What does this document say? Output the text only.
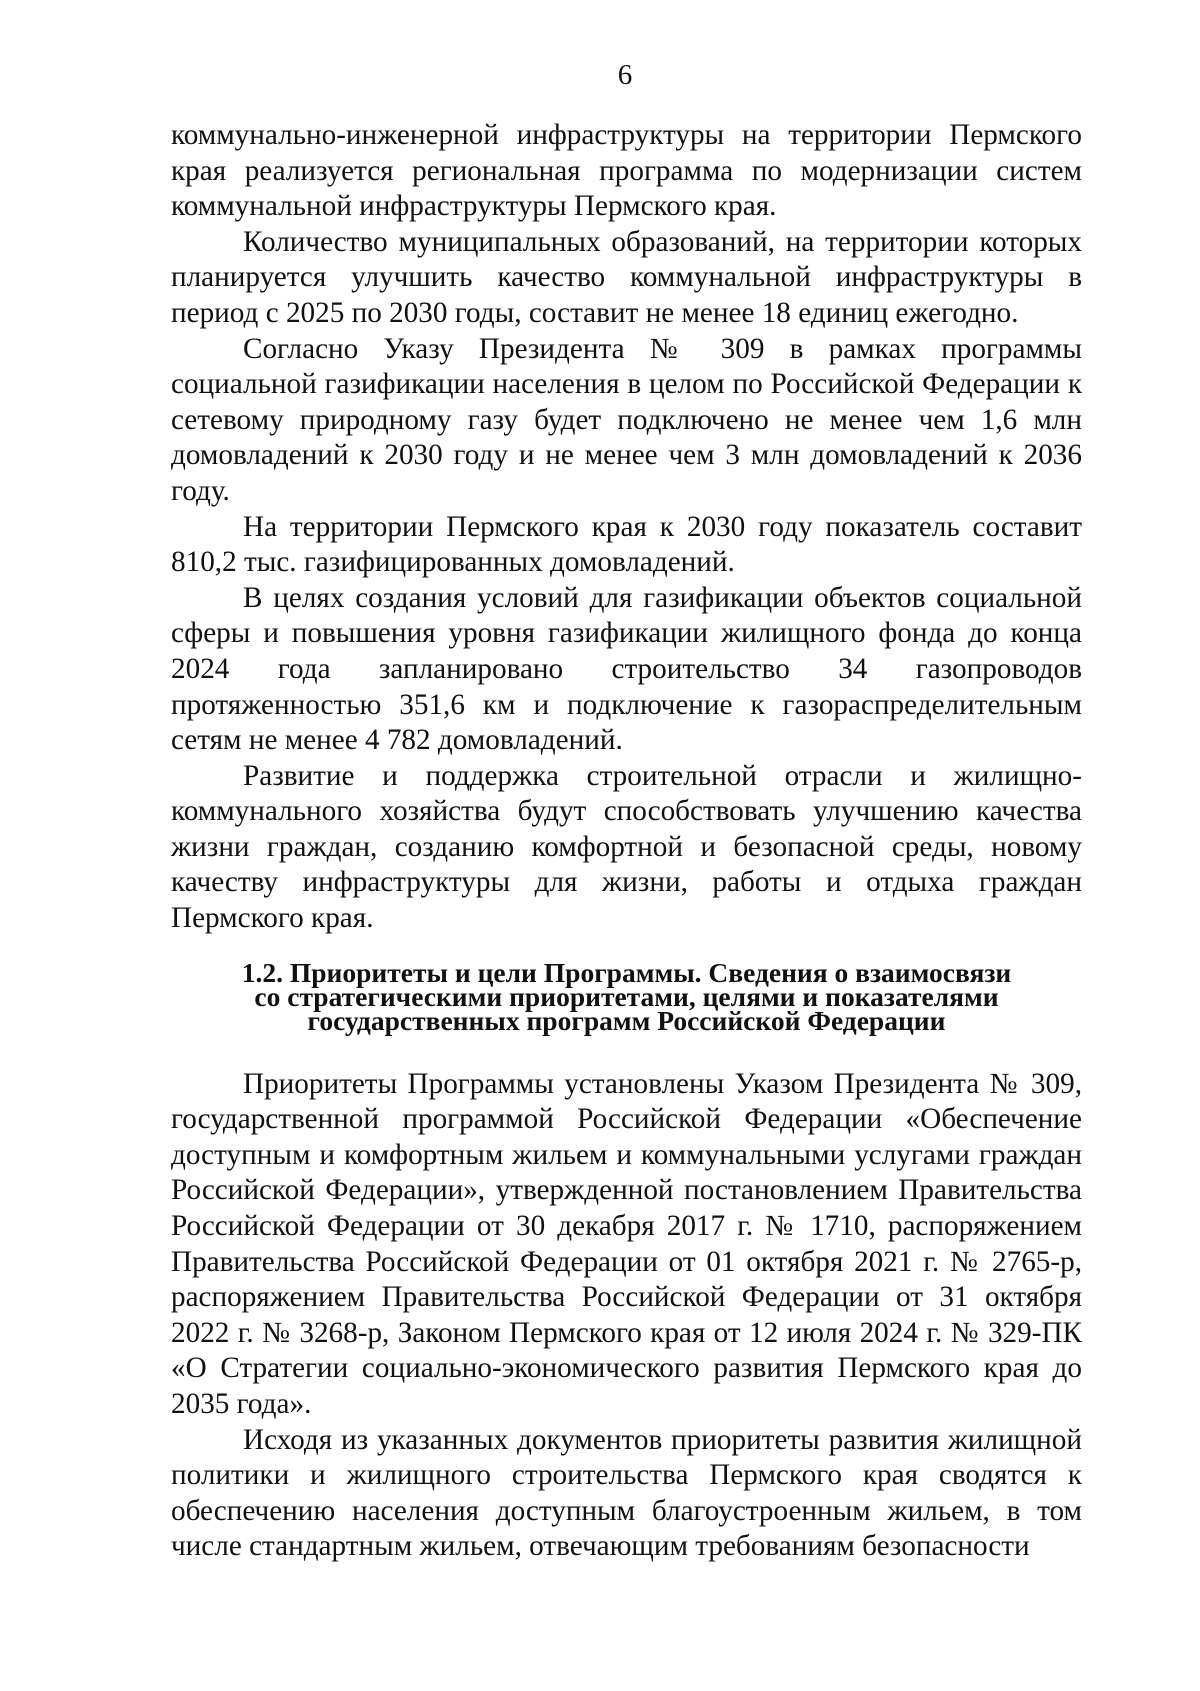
6

коммунально-инженерной инфраструктуры на территории Пермского края реализуется региональная программа по модернизации систем коммунальной инфраструктуры Пермского края.

Количество муниципальных образований, на территории которых планируется улучшить качество коммунальной инфраструктуры в период с 2025 по 2030 годы, составит не менее 18 единиц ежегодно.

Согласно Указу Президента № 309 в рамках программы социальной газификации населения в целом по Российской Федерации к сетевому природному газу будет подключено не менее чем 1,6 млн домовладений к 2030 году и не менее чем 3 млн домовладений к 2036 году.

На территории Пермского края к 2030 году показатель составит 810,2 тыс. газифицированных домовладений.

В целях создания условий для газификации объектов социальной сферы и повышения уровня газификации жилищного фонда до конца 2024 года запланировано строительство 34 газопроводов протяженностью 351,6 км и подключение к газораспределительным сетям не менее 4 782 домовладений.

Развитие и поддержка строительной отрасли и жилищно-коммунального хозяйства будут способствовать улучшению качества жизни граждан, созданию комфортной и безопасной среды, новому качеству инфраструктуры для жизни, работы и отдыха граждан Пермского края.

1.2. Приоритеты и цели Программы. Сведения о взаимосвязи
со стратегическими приоритетами, целями и показателями
государственных программ Российской Федерации

Приоритеты Программы установлены Указом Президента № 309, государственной программой Российской Федерации «Обеспечение доступным и комфортным жильем и коммунальными услугами граждан Российской Федерации», утвержденной постановлением Правительства Российской Федерации от 30 декабря 2017 г. № 1710, распоряжением Правительства Российской Федерации от 01 октября 2021 г. № 2765-р, распоряжением Правительства Российской Федерации от 31 октября 2022 г. № 3268-р, Законом Пермского края от 12 июля 2024 г. № 329-ПК «О Стратегии социально-экономического развития Пермского края до 2035 года».

Исходя из указанных документов приоритеты развития жилищной политики и жилищного строительства Пермского края сводятся к обеспечению населения доступным благоустроенным жильем, в том числе стандартным жильем, отвечающим требованиям безопасности
